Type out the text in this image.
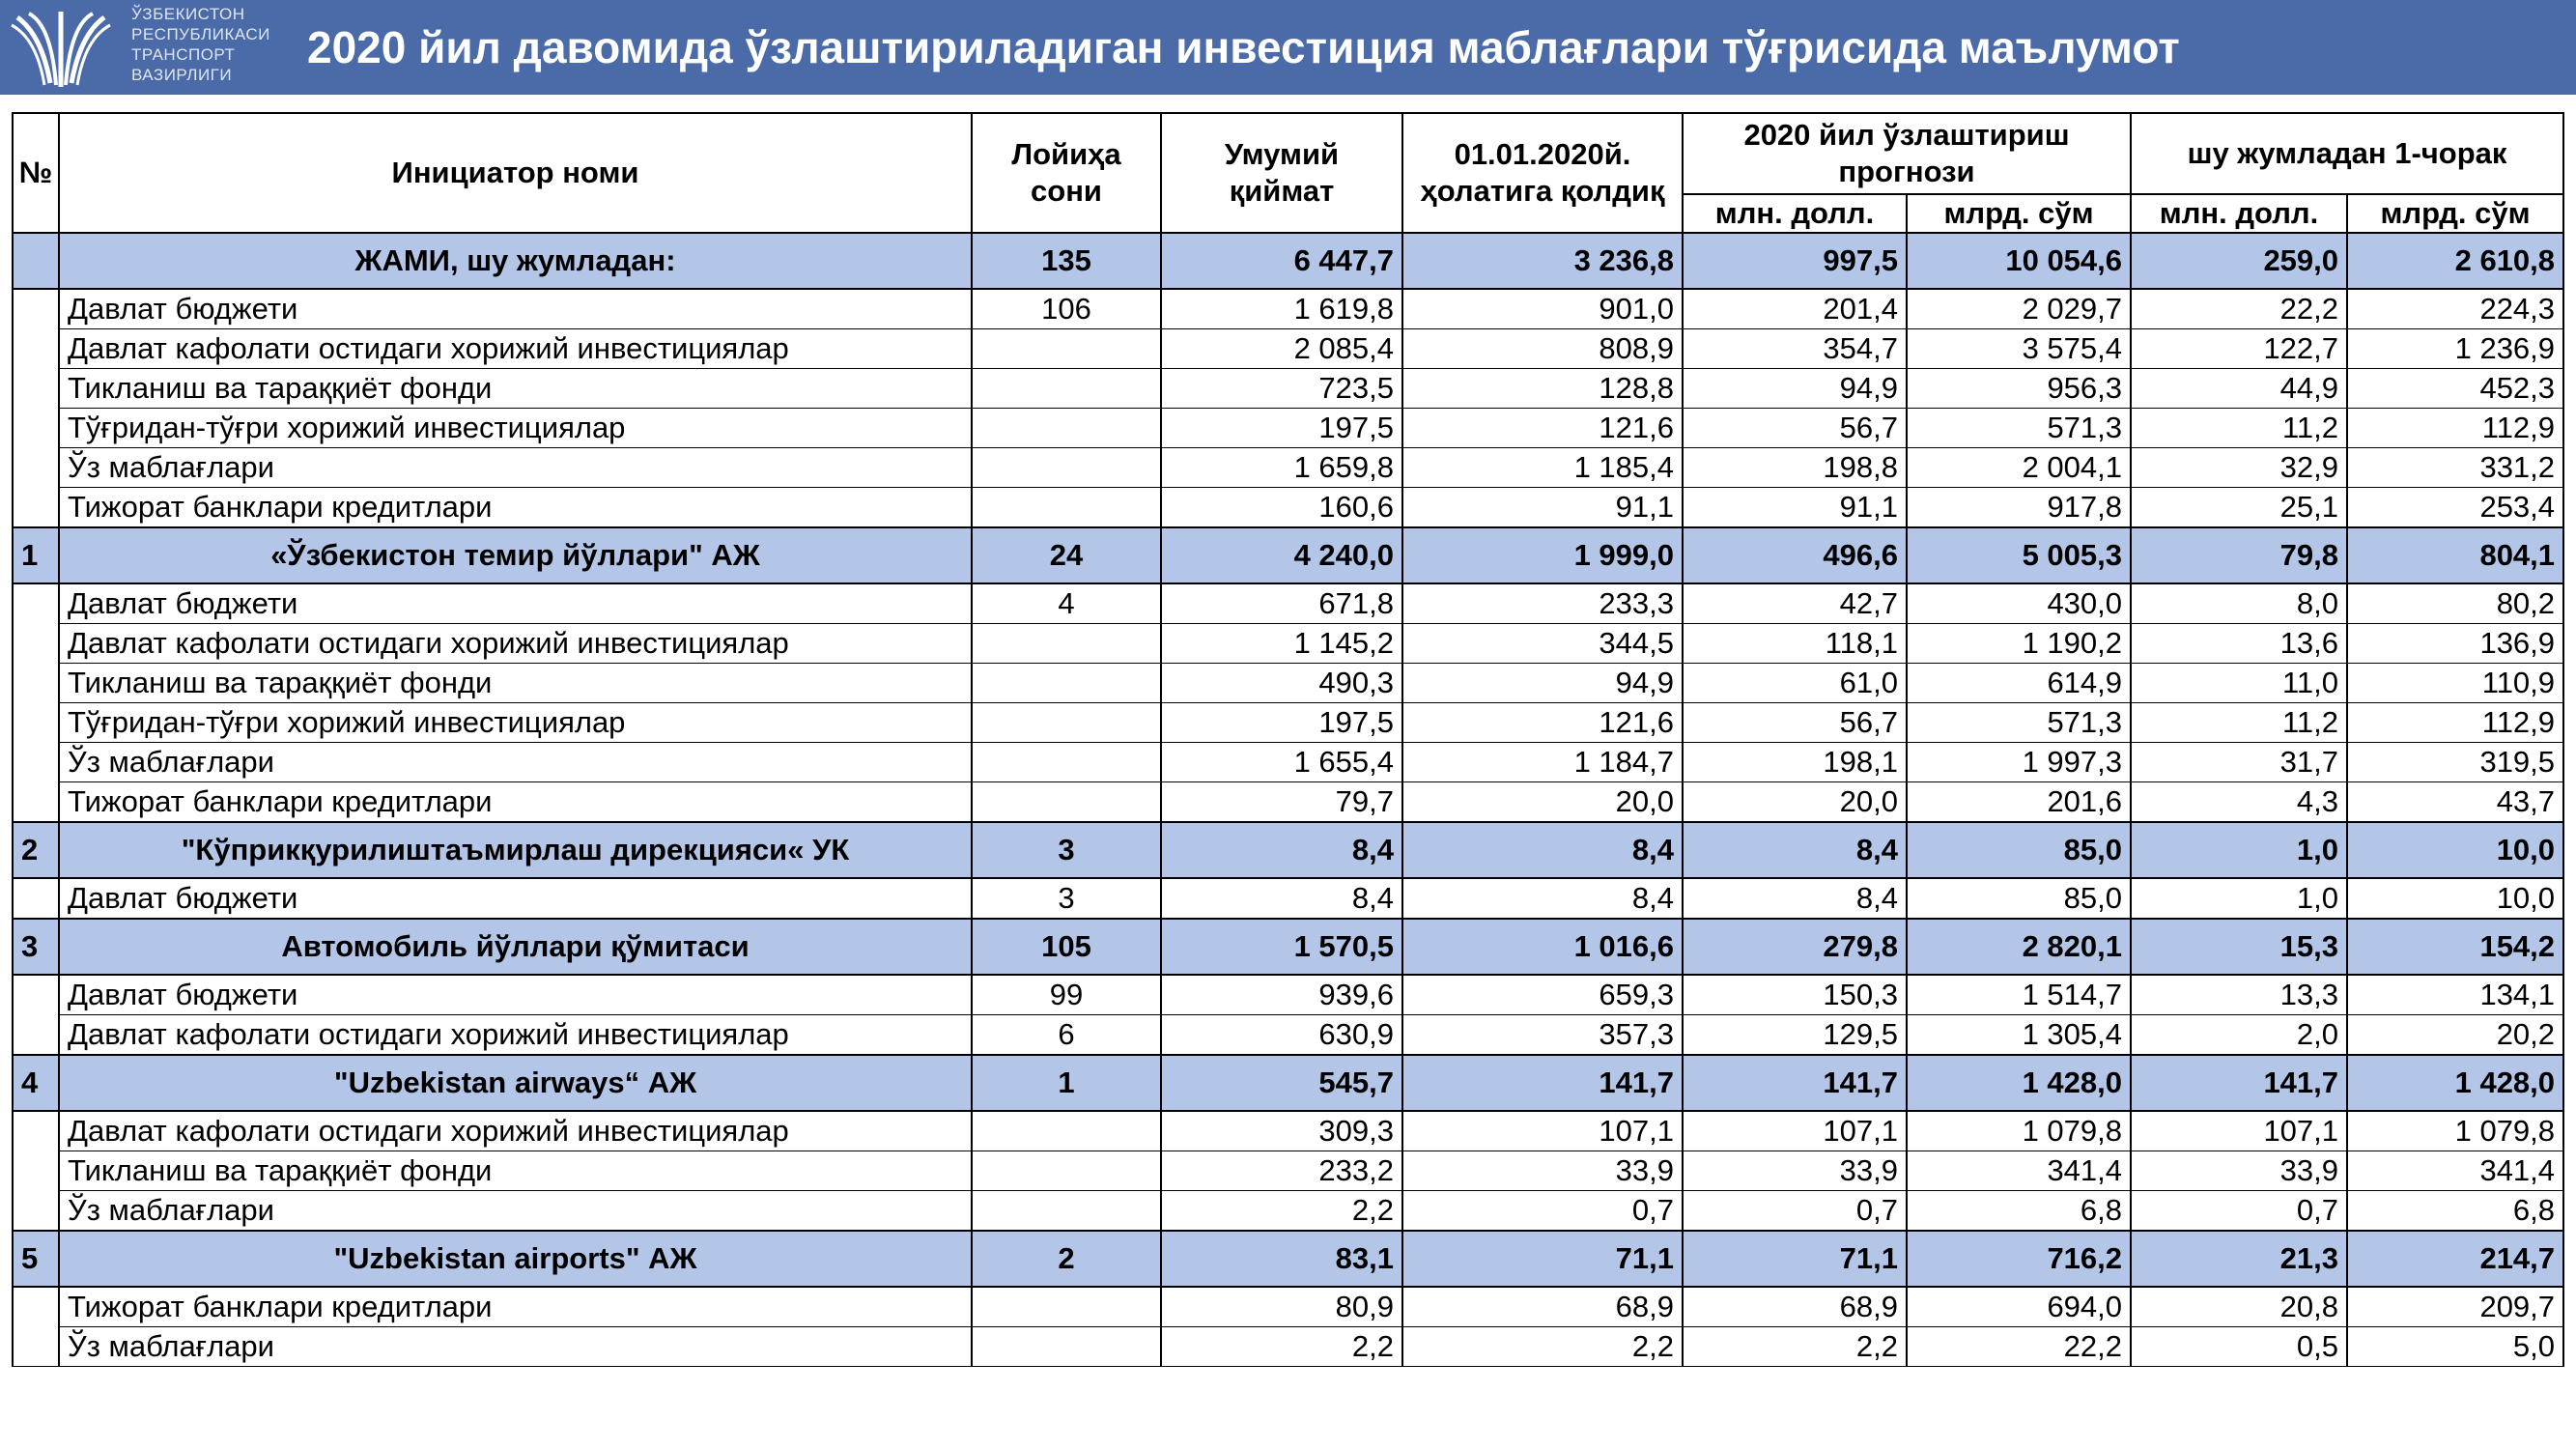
ЎЗБЕКИСТОН
РЕСПУБЛИКАСИ
ТРАНСПОРТ
ВАЗИРЛИГИ
2020 йил давомида ўзлаштириладиган инвестиция маблағлари тўғрисида маълумот
№	Инициатор номи	Лойиҳа сони	Умумий қиймат	01.01.2020й. ҳолатига қолдиқ	2020 йил ўзлаштириш прогнози		шу жумладан 1-чорак	
					млн. долл.	млрд. сўм	млн. долл.	млрд. сўм
	ЖАМИ, шу жумладан:	135	6 447,7	3 236,8	997,5	10 054,6	259,0	2 610,8
	Давлат бюджети	106	1 619,8	901,0	201,4	2 029,7	22,2	224,3
	Давлат кафолати остидаги хорижий инвестициялар		2 085,4	808,9	354,7	3 575,4	122,7	1 236,9
	Тикланиш ва тараққиёт фонди		723,5	128,8	94,9	956,3	44,9	452,3
	Тўғридан-тўғри хорижий инвестициялар		197,5	121,6	56,7	571,3	11,2	112,9
	Ўз маблағлари		1 659,8	1 185,4	198,8	2 004,1	32,9	331,2
	Тижорат банклари кредитлари		160,6	91,1	91,1	917,8	25,1	253,4
1	«Ўзбекистон темир йўллари" АЖ	24	4 240,0	1 999,0	496,6	5 005,3	79,8	804,1
	Давлат бюджети	4	671,8	233,3	42,7	430,0	8,0	80,2
	Давлат кафолати остидаги хорижий инвестициялар		1 145,2	344,5	118,1	1 190,2	13,6	136,9
	Тикланиш ва тараққиёт фонди		490,3	94,9	61,0	614,9	11,0	110,9
	Тўғридан-тўғри хорижий инвестициялар		197,5	121,6	56,7	571,3	11,2	112,9
	Ўз маблағлари		1 655,4	1 184,7	198,1	1 997,3	31,7	319,5
	Тижорат банклари кредитлари		79,7	20,0	20,0	201,6	4,3	43,7
2	"Кўприкқурилиштаъмирлаш дирекцияси« УК	3	8,4	8,4	8,4	85,0	1,0	10,0
	Давлат бюджети	3	8,4	8,4	8,4	85,0	1,0	10,0
3	Автомобиль йўллари қўмитаси	105	1 570,5	1 016,6	279,8	2 820,1	15,3	154,2
	Давлат бюджети	99	939,6	659,3	150,3	1 514,7	13,3	134,1
	Давлат кафолати остидаги хорижий инвестициялар	6	630,9	357,3	129,5	1 305,4	2,0	20,2
4	"Uzbekistan airways“ АЖ	1	545,7	141,7	141,7	1 428,0	141,7	1 428,0
	Давлат кафолати остидаги хорижий инвестициялар		309,3	107,1	107,1	1 079,8	107,1	1 079,8
	Тикланиш ва тараққиёт фонди		233,2	33,9	33,9	341,4	33,9	341,4
	Ўз маблағлари		2,2	0,7	0,7	6,8	0,7	6,8
5	"Uzbekistan airports" АЖ	2	83,1	71,1	71,1	716,2	21,3	214,7
	Тижорат банклари кредитлари		80,9	68,9	68,9	694,0	20,8	209,7
	Ўз маблағлари		2,2	2,2	2,2	22,2	0,5	5,0
